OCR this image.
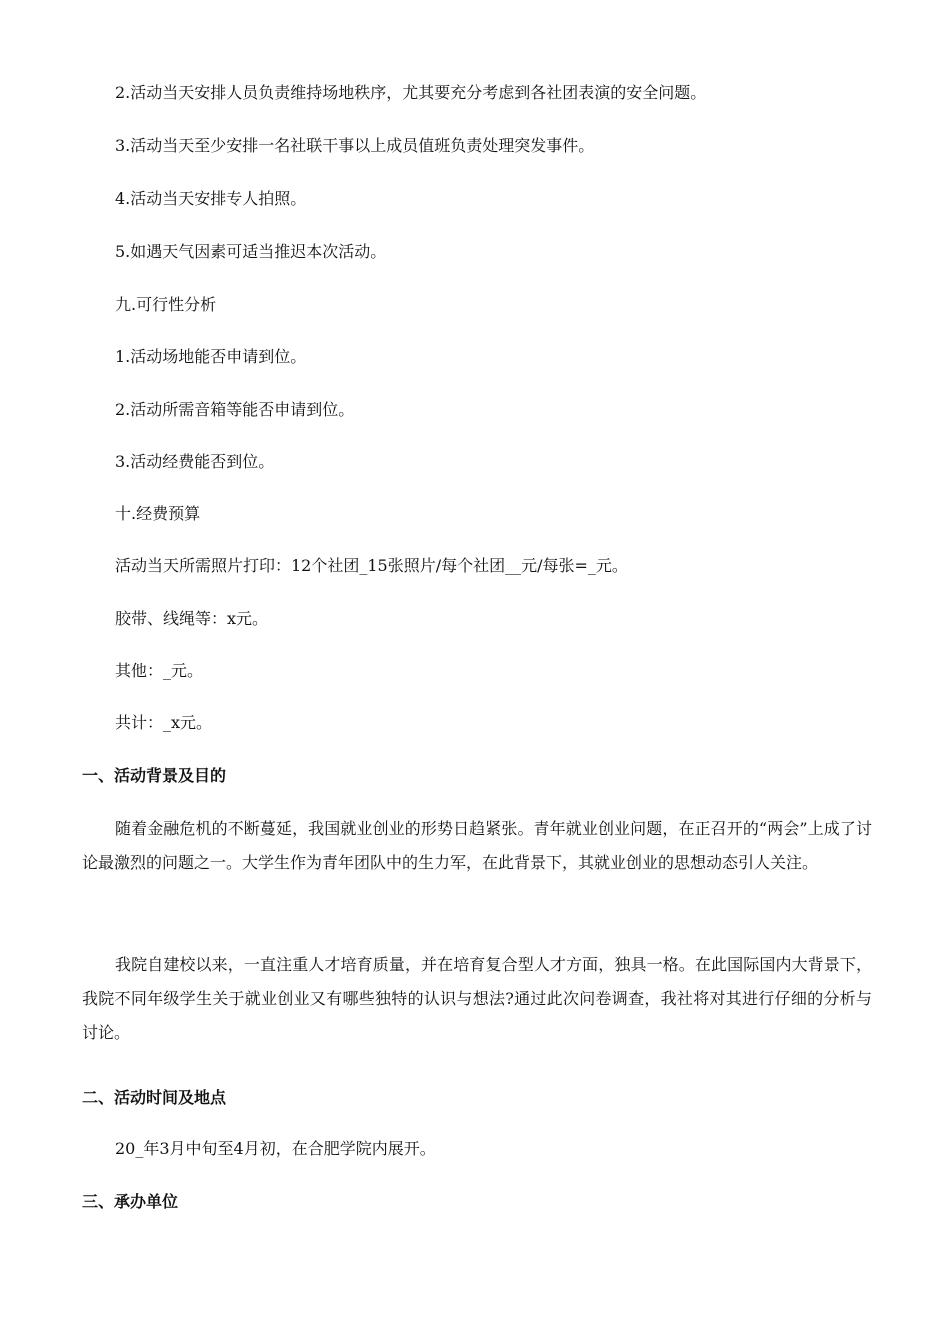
2.活动当天安排人员负责维持场地秩序，尤其要充分考虑到各社团表演的安全问题。
3.活动当天至少安排一名社联干事以上成员值班负责处理突发事件。
4.活动当天安排专人拍照。
5.如遇天气因素可适当推迟本次活动。
九.可行性分析
1.活动场地能否申请到位。
2.活动所需音箱等能否申请到位。
3.活动经费能否到位。
十.经费预算
活动当天所需照片打印：12个社团_15张照片/每个社团__元/每张=_元。
胶带、线绳等：x元。
其他：_元。
共计：_x元。
一、活动背景及目的
随着金融危机的不断蔓延，我国就业创业的形势日趋紧张。青年就业创业问题，在正召开的“两会”上成了讨论最激烈的问题之一。大学生作为青年团队中的生力军，在此背景下，其就业创业的思想动态引人关注。
我院自建校以来，一直注重人才培育质量，并在培育复合型人才方面，独具一格。在此国际国内大背景下，我院不同年级学生关于就业创业又有哪些独特的认识与想法?通过此次问卷调查，我社将对其进行仔细的分析与讨论。
二、活动时间及地点
20_年3月中旬至4月初，在合肥学院内展开。
三、承办单位
